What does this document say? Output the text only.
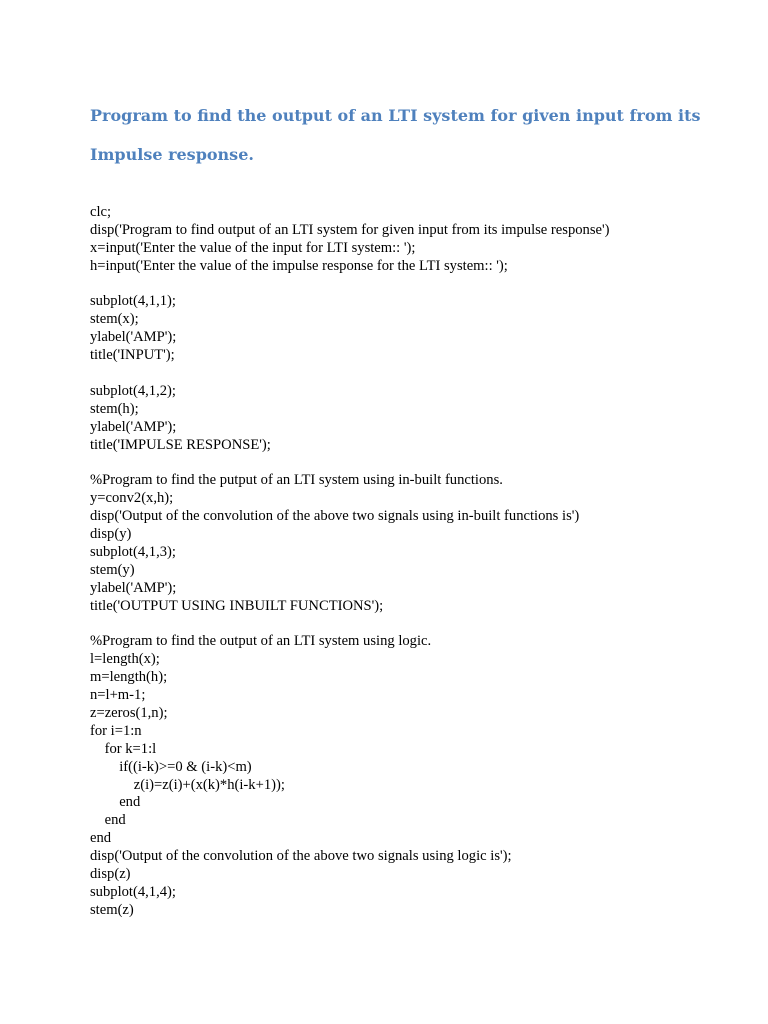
Program to find the output of an LTI system for given input from its
Impulse response.
clc;
disp('Program to find output of an LTI system for given input from its impulse response')
x=input('Enter the value of the input for LTI system:: ');
h=input('Enter the value of the impulse response for the LTI system:: ');
subplot(4,1,1);
stem(x);
ylabel('AMP');
title('INPUT');
subplot(4,1,2);
stem(h);
ylabel('AMP');
title('IMPULSE RESPONSE');
%Program to find the putput of an LTI system using in-built functions.
y=conv2(x,h);
disp('Output of the convolution of the above two signals using in-built functions is')
disp(y)
subplot(4,1,3);
stem(y)
ylabel('AMP');
title('OUTPUT USING INBUILT FUNCTIONS');
%Program to find the output of an LTI system using logic.
l=length(x);
m=length(h);
n=l+m-1;
z=zeros(1,n);
for i=1:n
for k=1:l
if((i-k)>=0 & (i-k)<m)
z(i)=z(i)+(x(k)*h(i-k+1));
end
end
end
disp('Output of the convolution of the above two signals using logic is');
disp(z)
subplot(4,1,4);
stem(z)
